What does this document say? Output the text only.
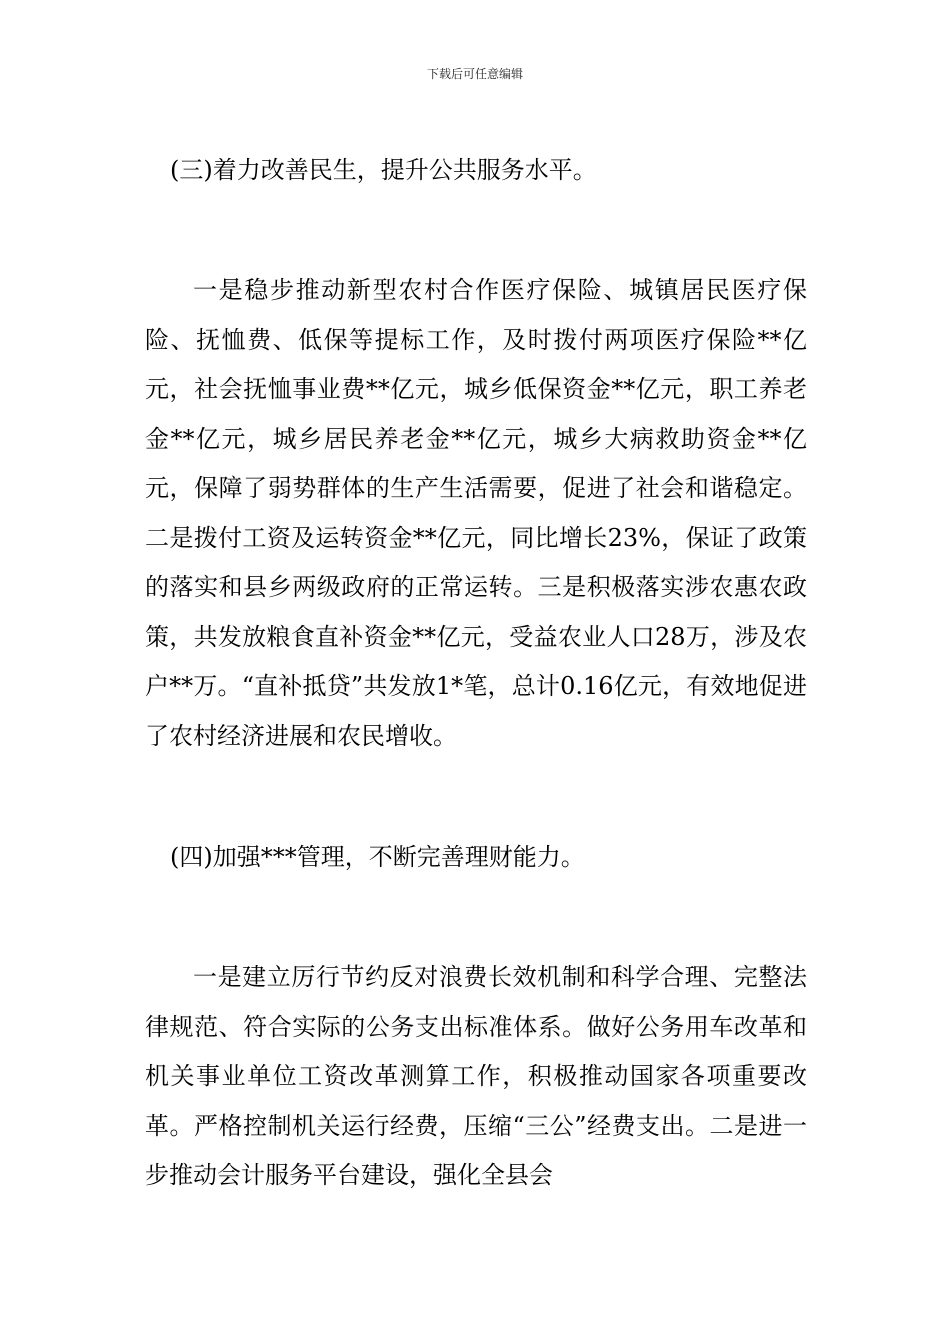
下载后可任意编辑

(三)着力改善民生，提升公共服务水平。

一是稳步推动新型农村合作医疗保险、城镇居民医疗保险、抚恤费、低保等提标工作，及时拨付两项医疗保险**亿元，社会抚恤事业费**亿元，城乡低保资金**亿元，职工养老金**亿元，城乡居民养老金**亿元，城乡大病救助资金**亿元，保障了弱势群体的生产生活需要，促进了社会和谐稳定。二是拨付工资及运转资金**亿元，同比增长23%，保证了政策的落实和县乡两级政府的正常运转。三是积极落实涉农惠农政策，共发放粮食直补资金**亿元，受益农业人口28万，涉及农户**万。“直补抵贷”共发放1*笔，总计0.16亿元，有效地促进了农村经济进展和农民增收。

(四)加强***管理，不断完善理财能力。

一是建立厉行节约反对浪费长效机制和科学合理、完整法律规范、符合实际的公务支出标准体系。做好公务用车改革和机关事业单位工资改革测算工作，积极推动国家各项重要改革。严格控制机关运行经费，压缩“三公”经费支出。二是进一步推动会计服务平台建设，强化全县会
